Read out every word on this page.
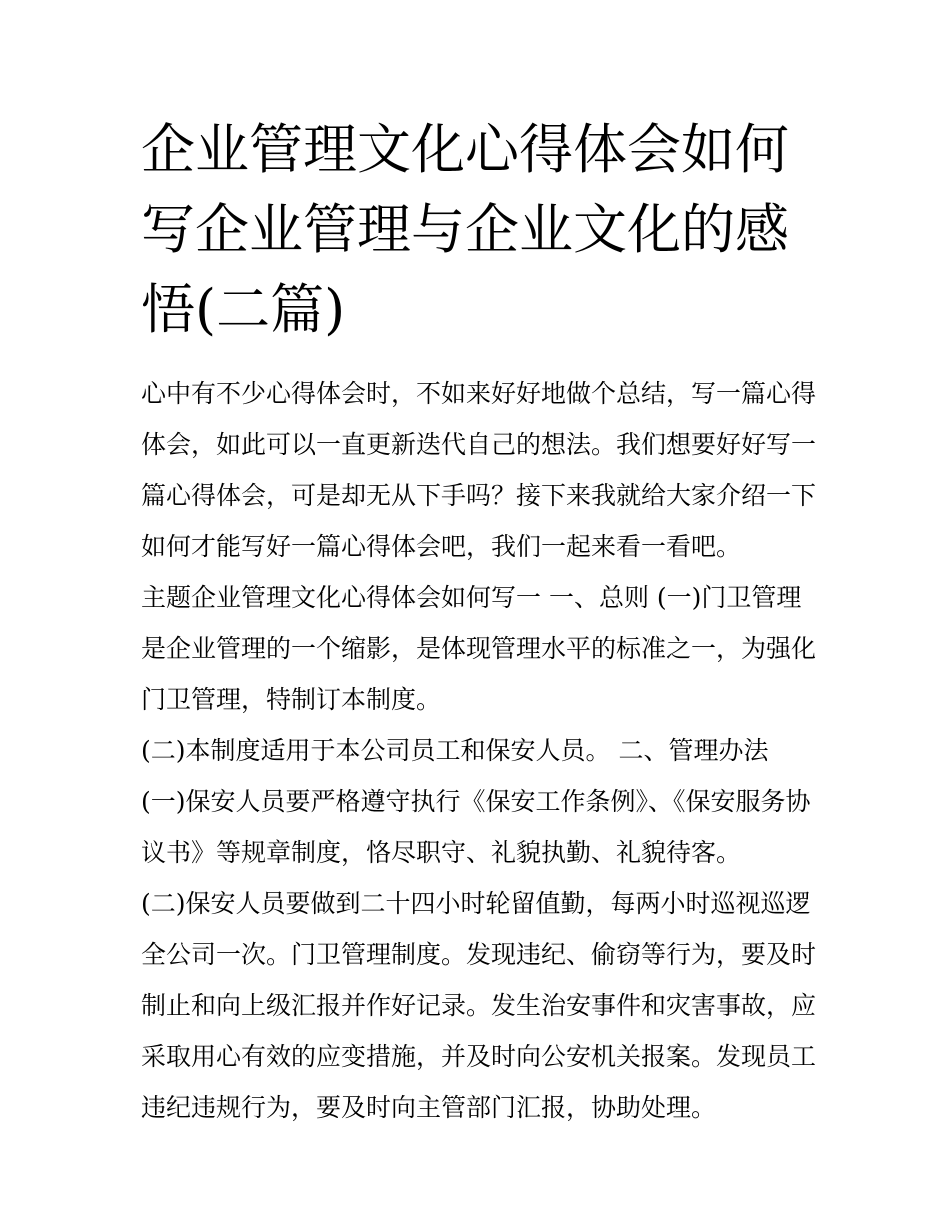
企业管理文化心得体会如何写企业管理与企业文化的感悟(二篇)

心中有不少心得体会时，不如来好好地做个总结，写一篇心得体会，如此可以一直更新迭代自己的想法。我们想要好好写一篇心得体会，可是却无从下手吗？接下来我就给大家介绍一下如何才能写好一篇心得体会吧，我们一起来看一看吧。

主题企业管理文化心得体会如何写一 一、总则 (一)门卫管理是企业管理的一个缩影，是体现管理水平的标准之一，为强化门卫管理，特制订本制度。

(二)本制度适用于本公司员工和保安人员。 二、管理办法

(一)保安人员要严格遵守执行《保安工作条例》、《保安服务协议书》等规章制度，恪尽职守、礼貌执勤、礼貌待客。

(二)保安人员要做到二十四小时轮留值勤，每两小时巡视巡逻全公司一次。门卫管理制度。发现违纪、偷窃等行为，要及时制止和向上级汇报并作好记录。发生治安事件和灾害事故，应采取用心有效的应变措施，并及时向公安机关报案。发现员工违纪违规行为，要及时向主管部门汇报，协助处理。
